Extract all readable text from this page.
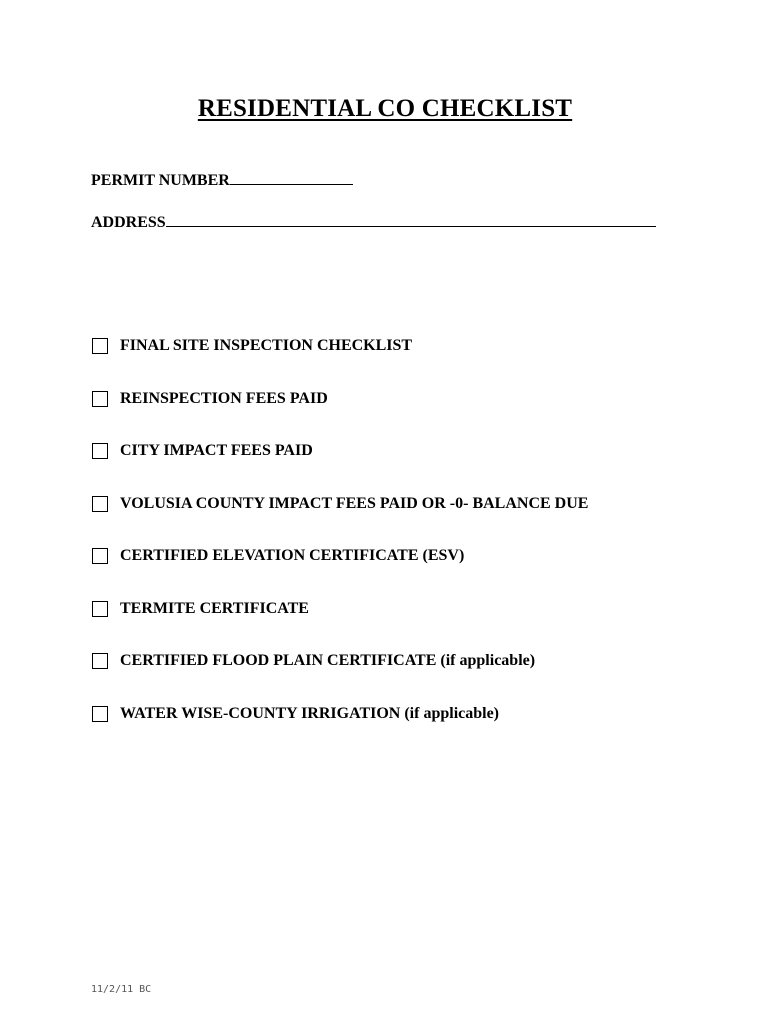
RESIDENTIAL CO CHECKLIST
PERMIT NUMBER
ADDRESS
FINAL SITE INSPECTION CHECKLIST
REINSPECTION FEES PAID
CITY IMPACT FEES PAID
VOLUSIA COUNTY IMPACT FEES PAID OR -0- BALANCE DUE
CERTIFIED ELEVATION CERTIFICATE (ESV)
TERMITE CERTIFICATE
CERTIFIED FLOOD PLAIN CERTIFICATE (if applicable)
WATER WISE-COUNTY IRRIGATION (if applicable)
11/2/11 BC
